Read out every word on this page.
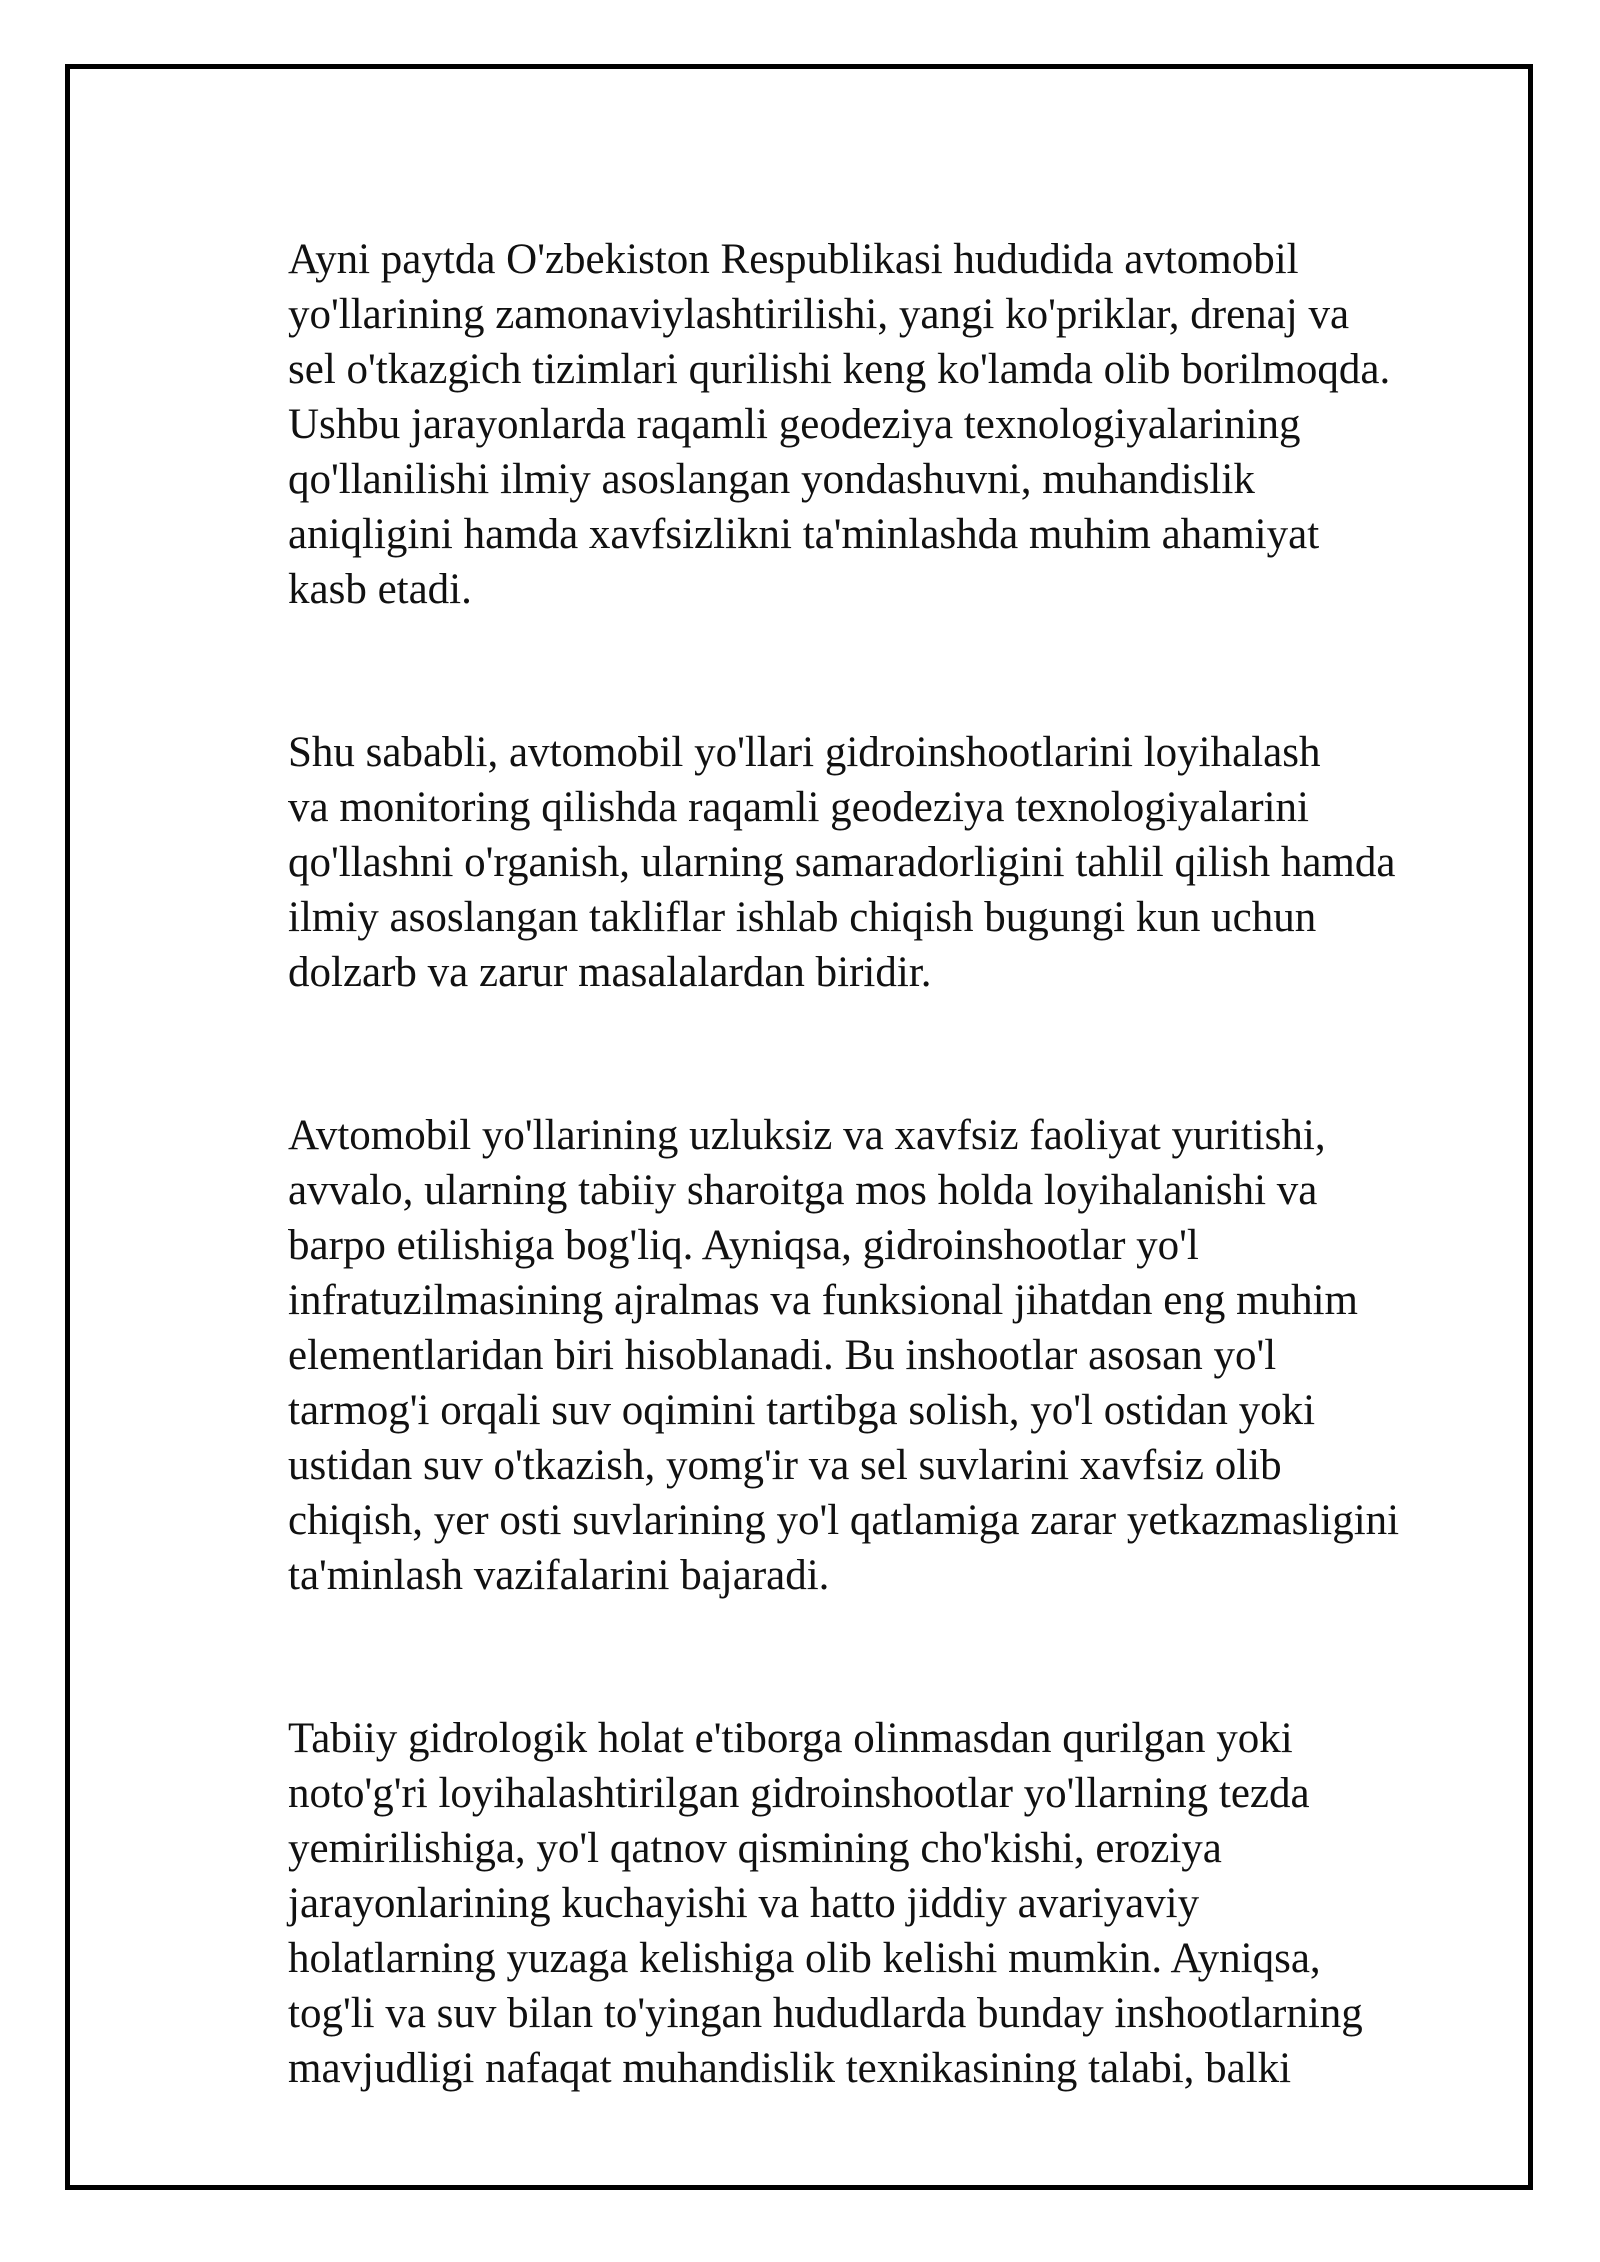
Ayni paytda O'zbekiston Respublikasi hududida avtomobil
yo'llarining zamonaviylashtirilishi, yangi ko'priklar, drenaj va
sel o'tkazgich tizimlari qurilishi keng ko'lamda olib borilmoqda.
Ushbu jarayonlarda raqamli geodeziya texnologiyalarining
qo'llanilishi ilmiy asoslangan yondashuvni, muhandislik
aniqligini hamda xavfsizlikni ta'minlashda muhim ahamiyat
kasb etadi.

Shu sababli, avtomobil yo'llari gidroinshootlarini loyihalash
va monitoring qilishda raqamli geodeziya texnologiyalarini
qo'llashni o'rganish, ularning samaradorligini tahlil qilish hamda
ilmiy asoslangan takliflar ishlab chiqish bugungi kun uchun
dolzarb va zarur masalalardan biridir.

Avtomobil yo'llarining uzluksiz va xavfsiz faoliyat yuritishi,
avvalo, ularning tabiiy sharoitga mos holda loyihalanishi va
barpo etilishiga bog'liq. Ayniqsa, gidroinshootlar yo'l
infratuzilmasining ajralmas va funksional jihatdan eng muhim
elementlaridan biri hisoblanadi. Bu inshootlar asosan yo'l
tarmog'i orqali suv oqimini tartibga solish, yo'l ostidan yoki
ustidan suv o'tkazish, yomg'ir va sel suvlarini xavfsiz olib
chiqish, yer osti suvlarining yo'l qatlamiga zarar yetkazmasligini
ta'minlash vazifalarini bajaradi.

Tabiiy gidrologik holat e'tiborga olinmasdan qurilgan yoki
noto'g'ri loyihalashtirilgan gidroinshootlar yo'llarning tezda
yemirilishiga, yo'l qatnov qismining cho'kishi, eroziya
jarayonlarining kuchayishi va hatto jiddiy avariyaviy
holatlarning yuzaga kelishiga olib kelishi mumkin. Ayniqsa,
tog'li va suv bilan to'yingan hududlarda bunday inshootlarning
mavjudligi nafaqat muhandislik texnikasining talabi, balki
